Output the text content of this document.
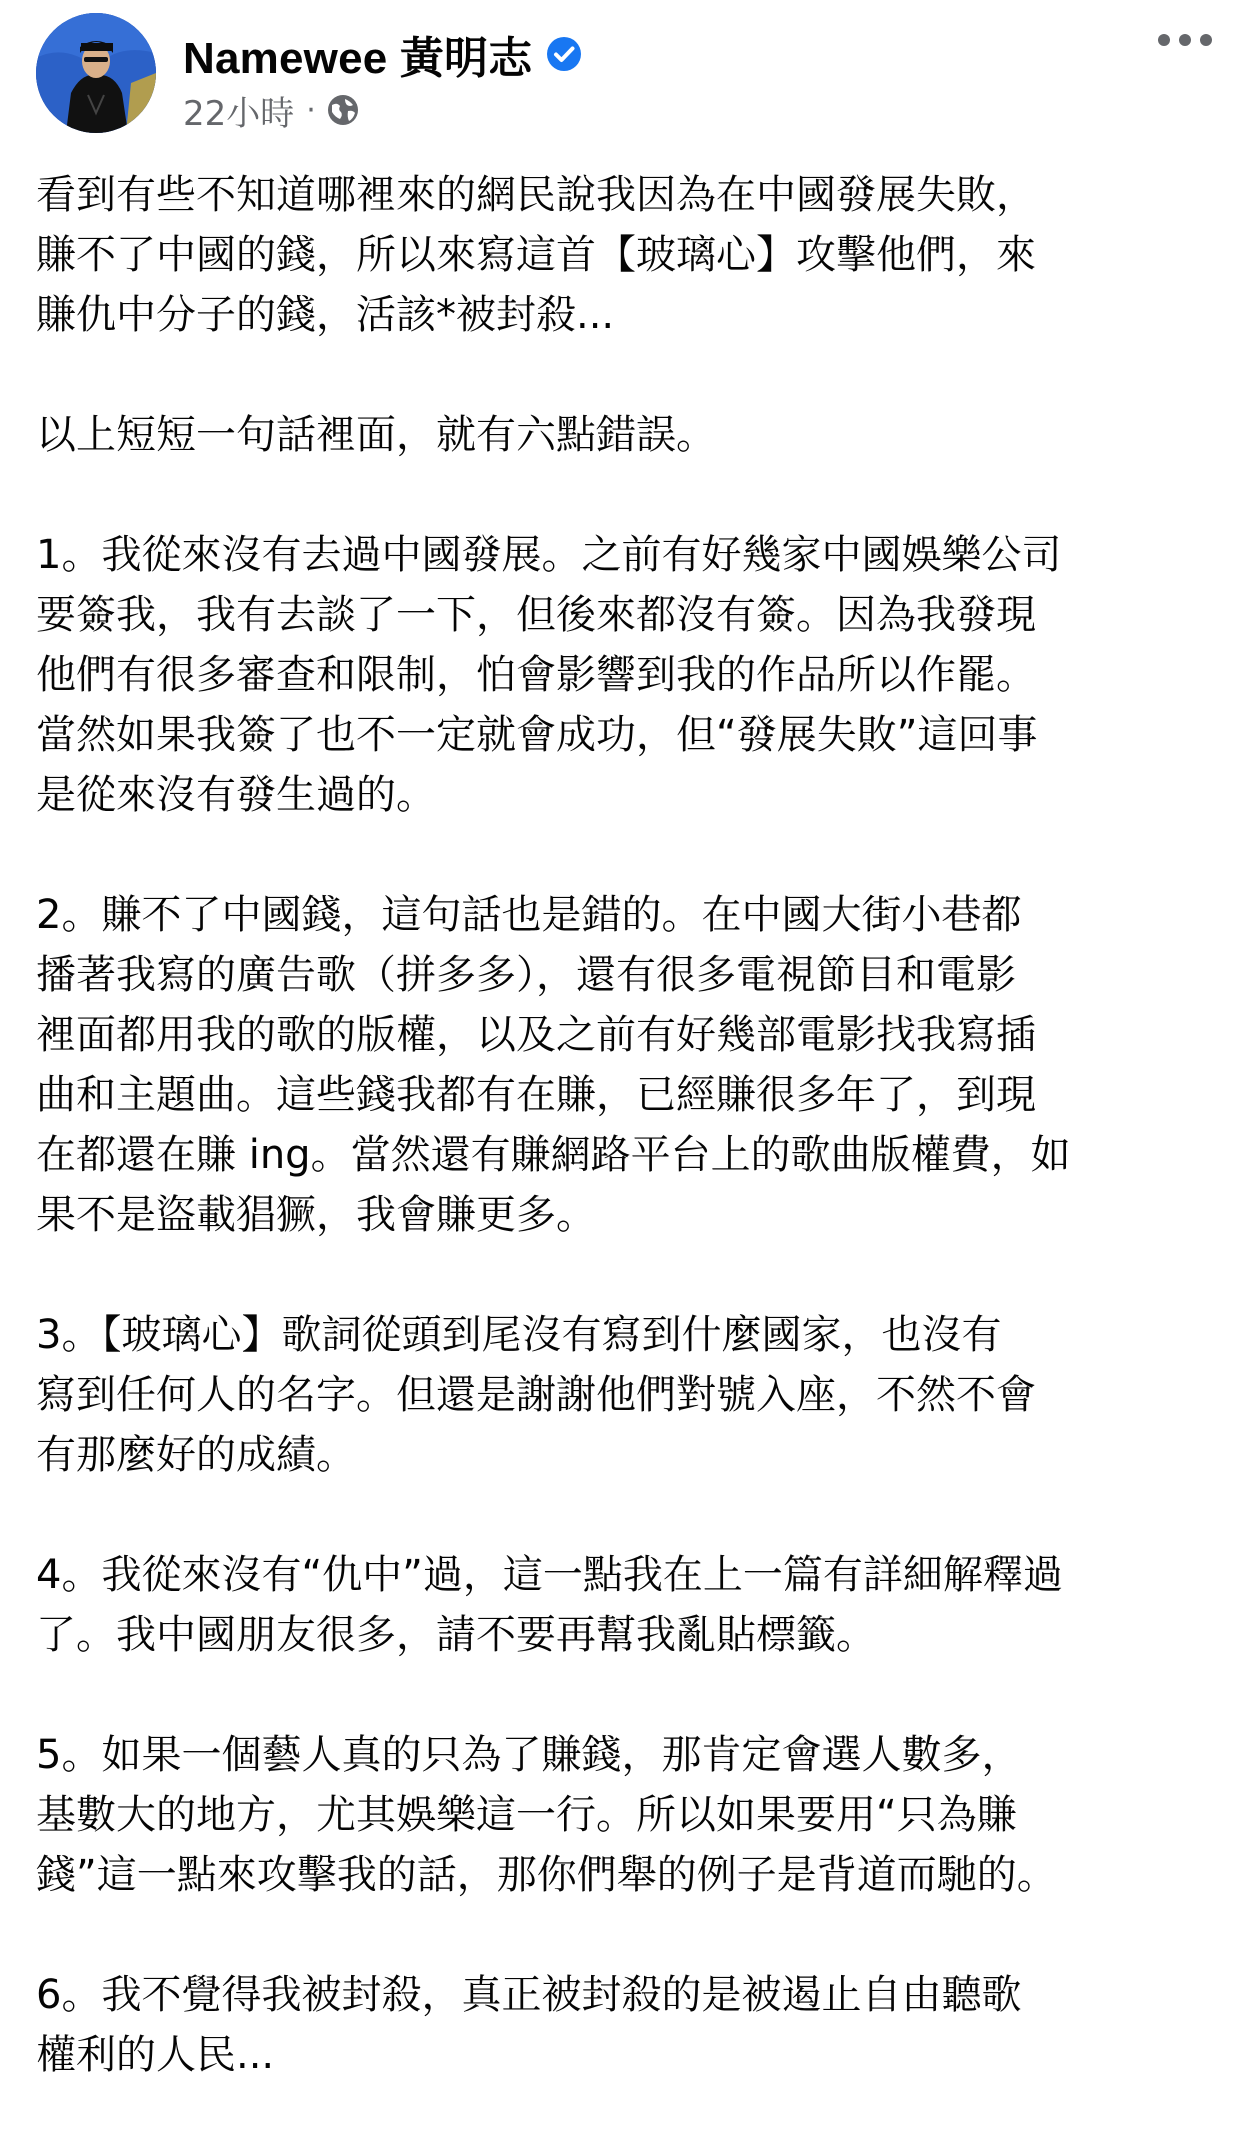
Namewee 黃明志
22小時 ·

看到有些不知道哪裡來的網民說我因為在中國發展失敗，
賺不了中國的錢，所以來寫這首【玻璃心】攻擊他們，來
賺仇中分子的錢，活該*被封殺...

以上短短一句話裡面，就有六點錯誤。

1。我從來沒有去過中國發展。之前有好幾家中國娛樂公司
要簽我，我有去談了一下，但後來都沒有簽。因為我發現
他們有很多審查和限制，怕會影響到我的作品所以作罷。
當然如果我簽了也不一定就會成功，但“發展失敗”這回事
是從來沒有發生過的。

2。賺不了中國錢，這句話也是錯的。在中國大街小巷都
播著我寫的廣告歌（拼多多），還有很多電視節目和電影
裡面都用我的歌的版權，以及之前有好幾部電影找我寫插
曲和主題曲。這些錢我都有在賺，已經賺很多年了，到現
在都還在賺 ing。當然還有賺網路平台上的歌曲版權費，如
果不是盜載猖獗，我會賺更多。

3。【玻璃心】歌詞從頭到尾沒有寫到什麼國家，也沒有
寫到任何人的名字。但還是謝謝他們對號入座，不然不會
有那麼好的成績。

4。我從來沒有“仇中”過，這一點我在上一篇有詳細解釋過
了。我中國朋友很多，請不要再幫我亂貼標籤。

5。如果一個藝人真的只為了賺錢，那肯定會選人數多，
基數大的地方，尤其娛樂這一行。所以如果要用“只為賺
錢”這一點來攻擊我的話，那你們舉的例子是背道而馳的。

6。我不覺得我被封殺，真正被封殺的是被遏止自由聽歌
權利的人民...
